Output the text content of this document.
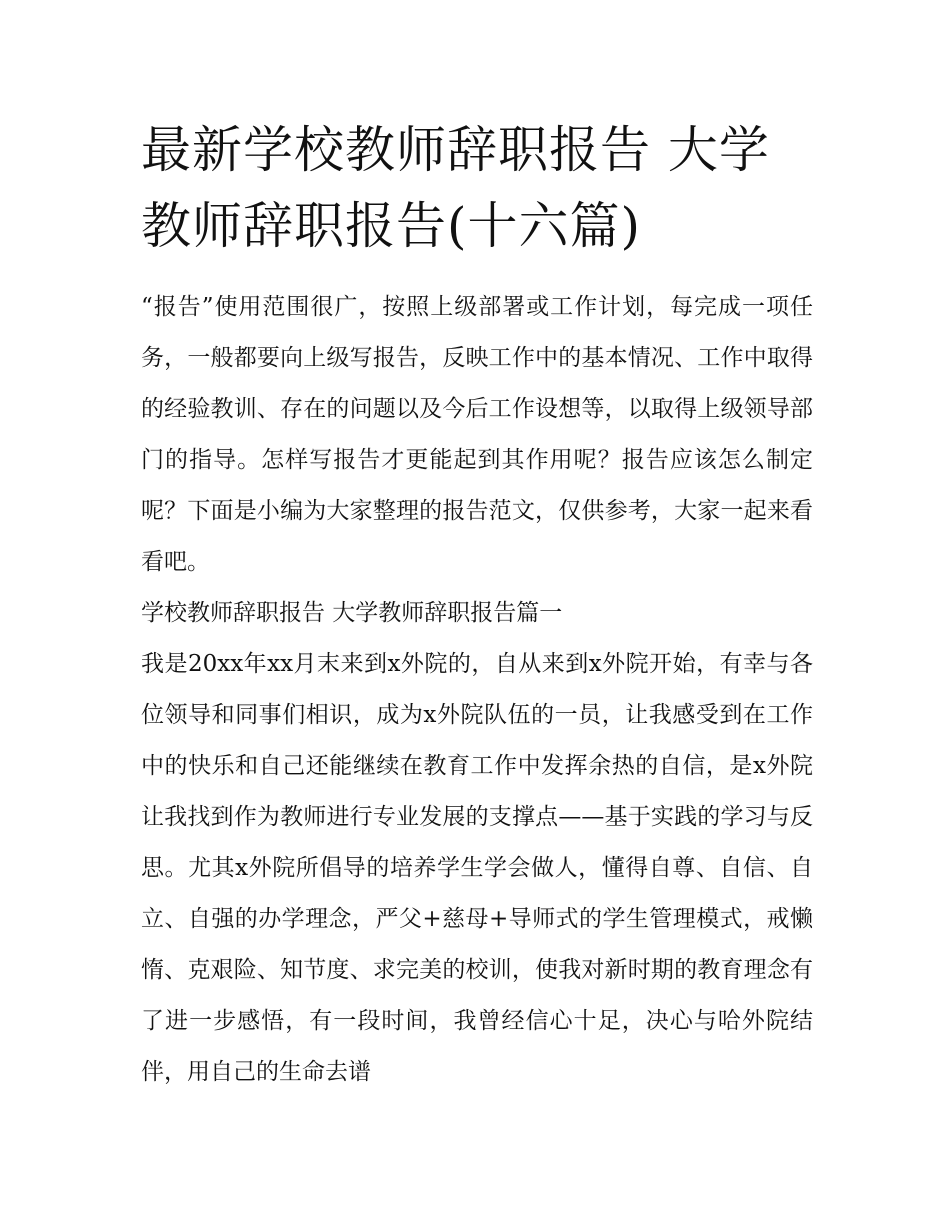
最新学校教师辞职报告 大学教师辞职报告(十六篇)

“报告”使用范围很广，按照上级部署或工作计划，每完成一项任务，一般都要向上级写报告，反映工作中的基本情况、工作中取得的经验教训、存在的问题以及今后工作设想等，以取得上级领导部门的指导。怎样写报告才更能起到其作用呢？报告应该怎么制定呢？下面是小编为大家整理的报告范文，仅供参考，大家一起来看看吧。

学校教师辞职报告 大学教师辞职报告篇一

我是20xx年xx月末来到x外院的，自从来到x外院开始，有幸与各位领导和同事们相识，成为x外院队伍的一员，让我感受到在工作中的快乐和自己还能继续在教育工作中发挥余热的自信，是x外院让我找到作为教师进行专业发展的支撑点——基于实践的学习与反思。尤其x外院所倡导的培养学生学会做人，懂得自尊、自信、自立、自强的办学理念，严父+慈母+导师式的学生管理模式，戒懒惰、克艰险、知节度、求完美的校训，使我对新时期的教育理念有了进一步感悟，有一段时间，我曾经信心十足，决心与哈外院结伴，用自己的生命去谱
